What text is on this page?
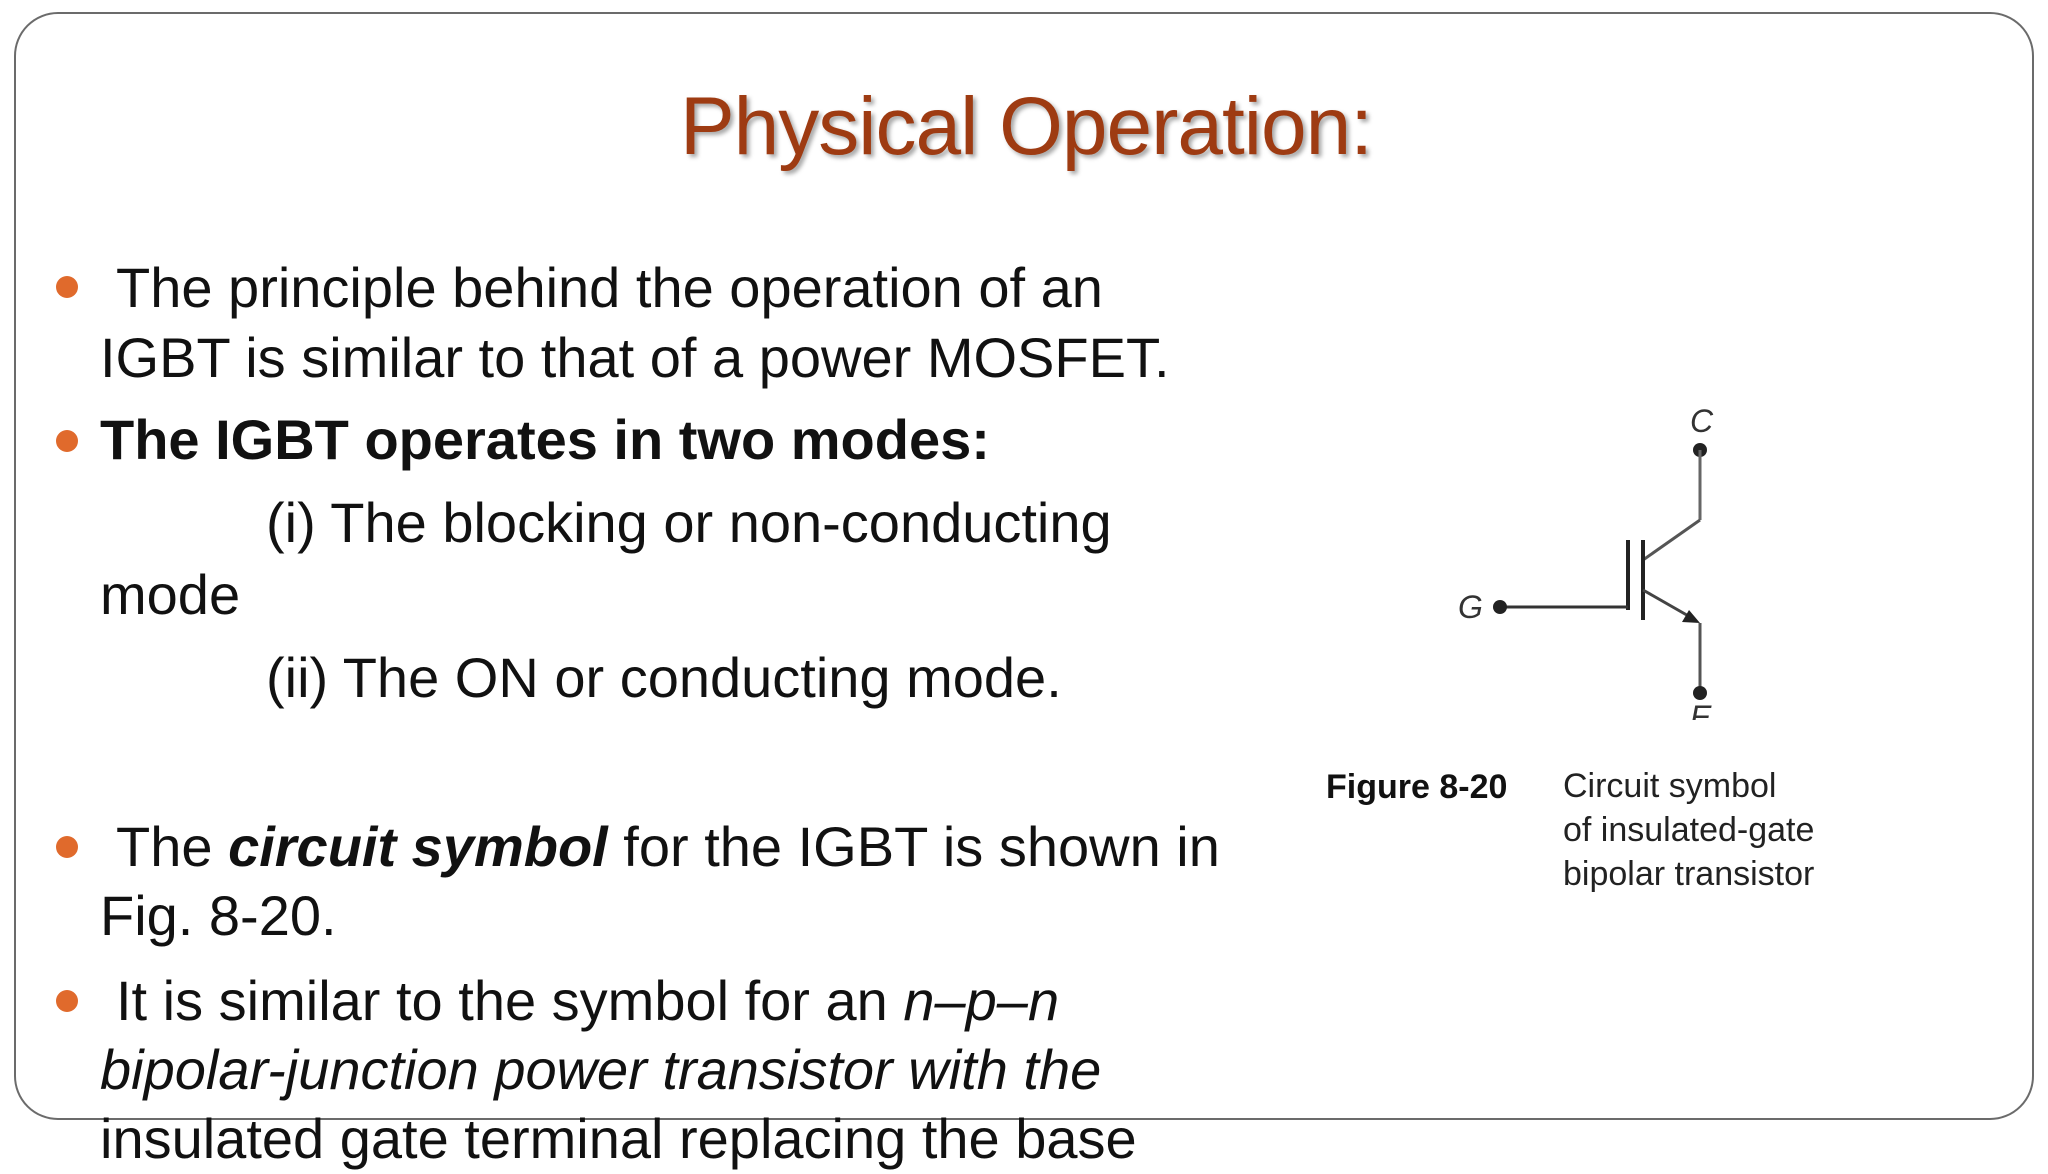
Physical Operation:
The principle behind the operation of an
IGBT is similar to that of a power MOSFET.
The IGBT operates in two modes:
(i) The blocking or non-conducting
mode
(ii) The ON or conducting mode.
The circuit symbol for the IGBT is shown in
Fig. 8-20.
It is similar to the symbol for an n–p–n
bipolar-junction power transistor with the
insulated gate terminal replacing the base
C
G
E
Figure 8-20 Circuit symbol
of insulated-gate
bipolar transistor
